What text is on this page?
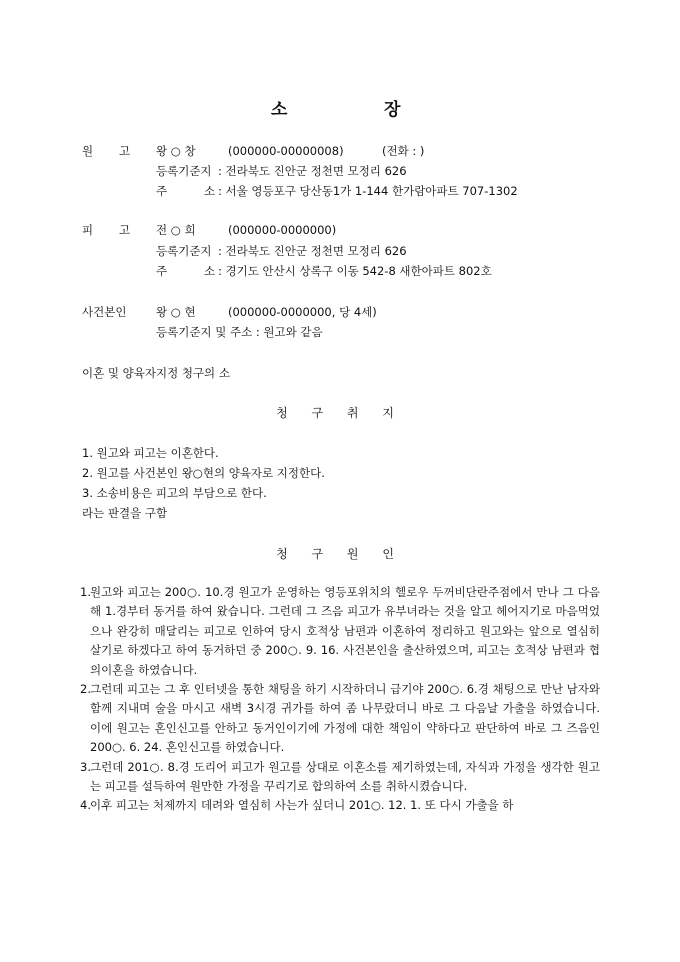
소	장
원 고 왕 ○ 창	(000000-00000008)	(전화 : )
등록기준지 : 전라북도 진안군 정천면 모정리 626
주	소 : 서울 영등포구 당산동1가 1-144 한가람아파트 707-1302
피 고 전 ○ 희	(000000-0000000)
등록기준지 : 전라북도 진안군 정천면 모정리 626
주	소 : 경기도 안산시 상록구 이동 542-8 새한아파트 802호
사건본인	왕 ○ 현	(000000-0000000, 당 4세)
등록기준지 및 주소 : 원고와 같음
이혼 및 양육자지정 청구의 소
청 구 취 지
1. 원고와 피고는 이혼한다.
2. 원고를 사건본인 왕○현의 양육자로 지정한다.
3. 소송비용은 피고의 부담으로 한다.
라는 판결을 구함
청 구 원 인
1. 원고와 피고는 200○. 10.경 원고가 운영하는 영등포위치의 헬로우 두꺼비단란주점에서 만나 그 다음해 1.경부터 동거를 하여 왔습니다. 그런데 그 즈음 피고가 유부녀라는 것을 알고 헤어지기로 마음먹었으나 완강히 매달리는 피고로 인하여 당시 호적상 남편과 이혼하여 정리하고 원고와는 앞으로 열심히 살기로 하겠다고 하여 동거하던 중 200○. 9. 16. 사건본인을 출산하였으며, 피고는 호적상 남편과 협의이혼을 하였습니다.
2. 그런데 피고는 그 후 인터넷을 통한 채팅을 하기 시작하더니 급기야 200○. 6.경 채팅으로 만난 남자와 함께 지내며 술을 마시고 새벽 3시경 귀가를 하여 좀 나무랐더니 바로 그 다음날 가출을 하였습니다. 이에 원고는 혼인신고를 안하고 동거인이기에 가정에 대한 책임이 약하다고 판단하여 바로 그 즈음인 200○. 6. 24. 혼인신고를 하였습니다.
3. 그런데 201○. 8.경 도리어 피고가 원고를 상대로 이혼소를 제기하였는데, 자식과 가정을 생각한 원고는 피고를 설득하여 원만한 가정을 꾸리기로 합의하여 소를 취하시켰습니다.
4. 이후 피고는 처제까지 데려와 열심히 사는가 싶더니 201○. 12. 1. 또 다시 가출을 하
